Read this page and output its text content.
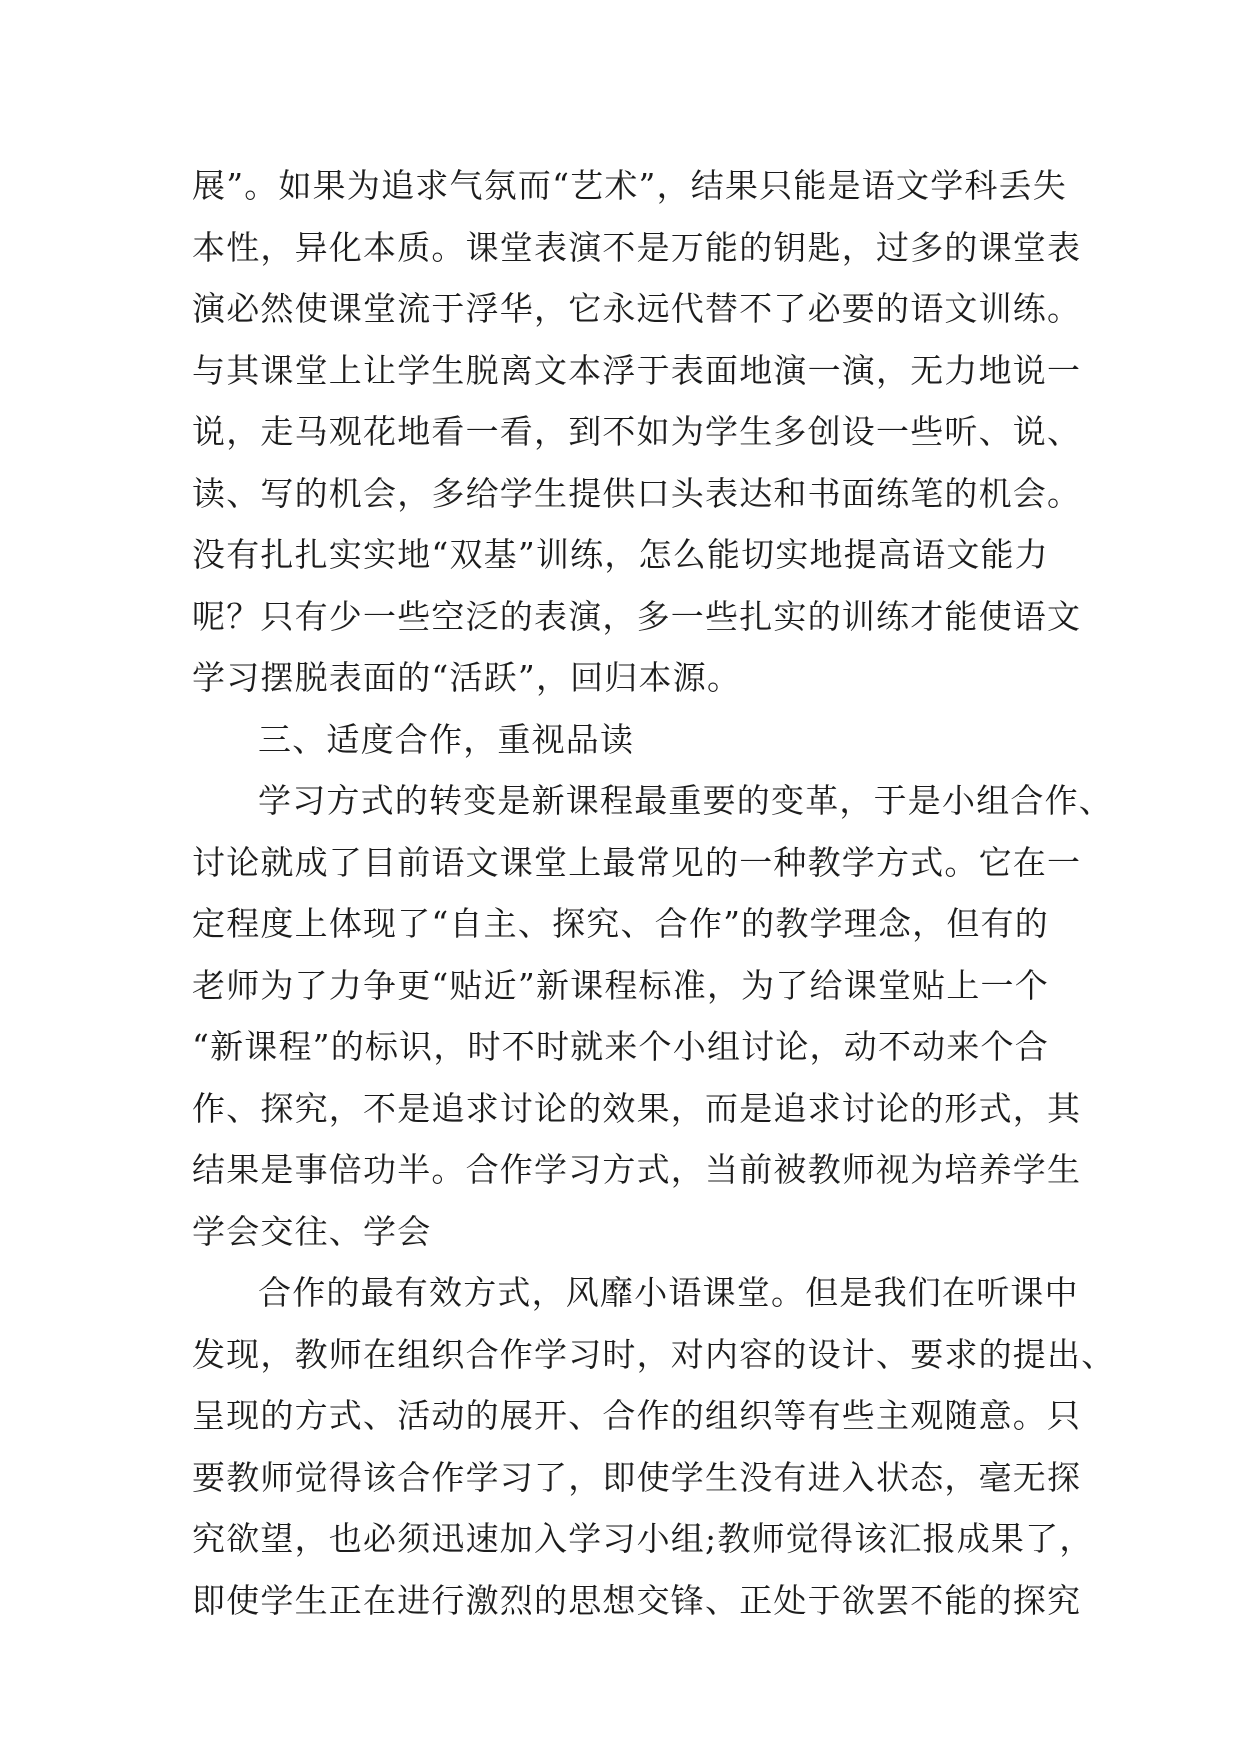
展”。如果为追求气氛而“艺术”，结果只能是语文学科丢失
本性，异化本质。课堂表演不是万能的钥匙，过多的课堂表
演必然使课堂流于浮华，它永远代替不了必要的语文训练。
与其课堂上让学生脱离文本浮于表面地演一演，无力地说一
说，走马观花地看一看，到不如为学生多创设一些听、说、
读、写的机会，多给学生提供口头表达和书面练笔的机会。
没有扎扎实实地“双基”训练，怎么能切实地提高语文能力
呢？只有少一些空泛的表演，多一些扎实的训练才能使语文
学习摆脱表面的“活跃”，回归本源。
三、适度合作，重视品读
学习方式的转变是新课程最重要的变革，于是小组合作、
讨论就成了目前语文课堂上最常见的一种教学方式。它在一
定程度上体现了“自主、探究、合作”的教学理念，但有的
老师为了力争更“贴近”新课程标准，为了给课堂贴上一个
“新课程”的标识，时不时就来个小组讨论，动不动来个合
作、探究，不是追求讨论的效果，而是追求讨论的形式，其
结果是事倍功半。合作学习方式，当前被教师视为培养学生
学会交往、学会
合作的最有效方式，风靡小语课堂。但是我们在听课中
发现，教师在组织合作学习时，对内容的设计、要求的提出、
呈现的方式、活动的展开、合作的组织等有些主观随意。只
要教师觉得该合作学习了，即使学生没有进入状态，毫无探
究欲望，也必须迅速加入学习小组;教师觉得该汇报成果了，
即使学生正在进行激烈的思想交锋、正处于欲罢不能的探究
